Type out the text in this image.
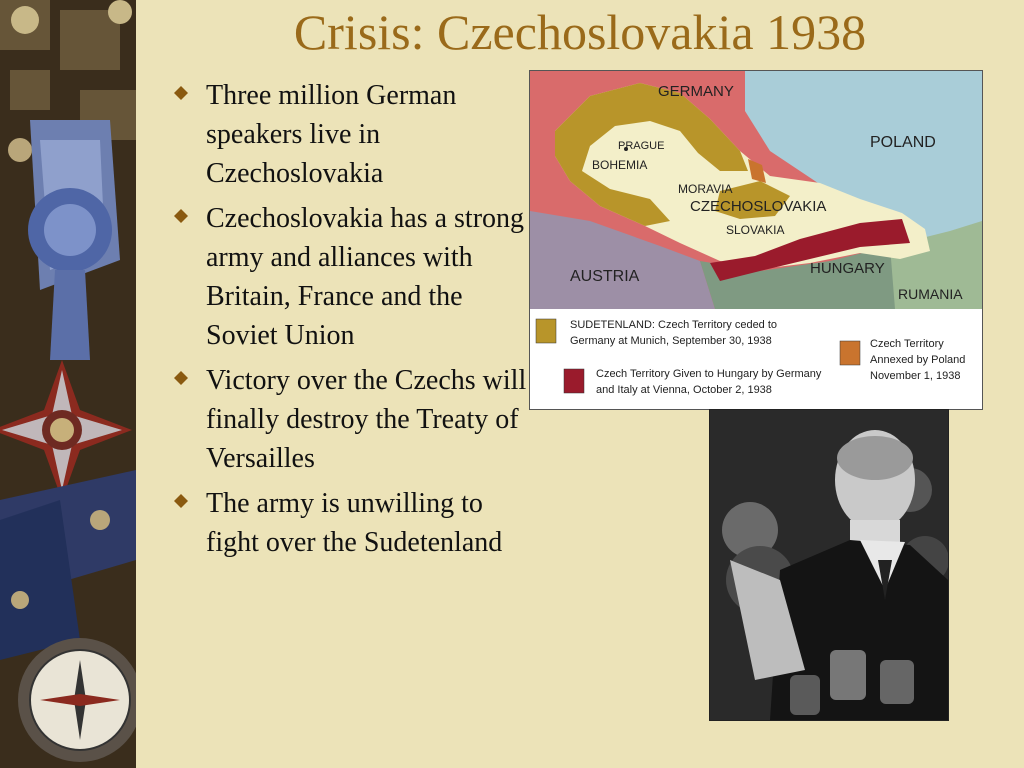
Crisis: Czechoslovakia 1938
Three million German speakers live in Czechoslovakia
Czechoslovakia has a strong army and alliances with Britain, France and the Soviet Union
Victory over the Czechs will finally destroy the Treaty of Versailles
The army is unwilling to fight over the Sudetenland
GERMANY
POLAND
PRAGUE
BOHEMIA
MORAVIA
CZECHOSLOVAKIA
SLOVAKIA
AUSTRIA	HUNGARY
RUMANIA
SUDETENLAND: Czech Territory ceded to
Germany at Munich, September 30, 1938
Czech Territory Given to Hungary by Germany
and Italy at Vienna, October 2, 1938
Czech Territory
Annexed by Poland
November 1, 1938
